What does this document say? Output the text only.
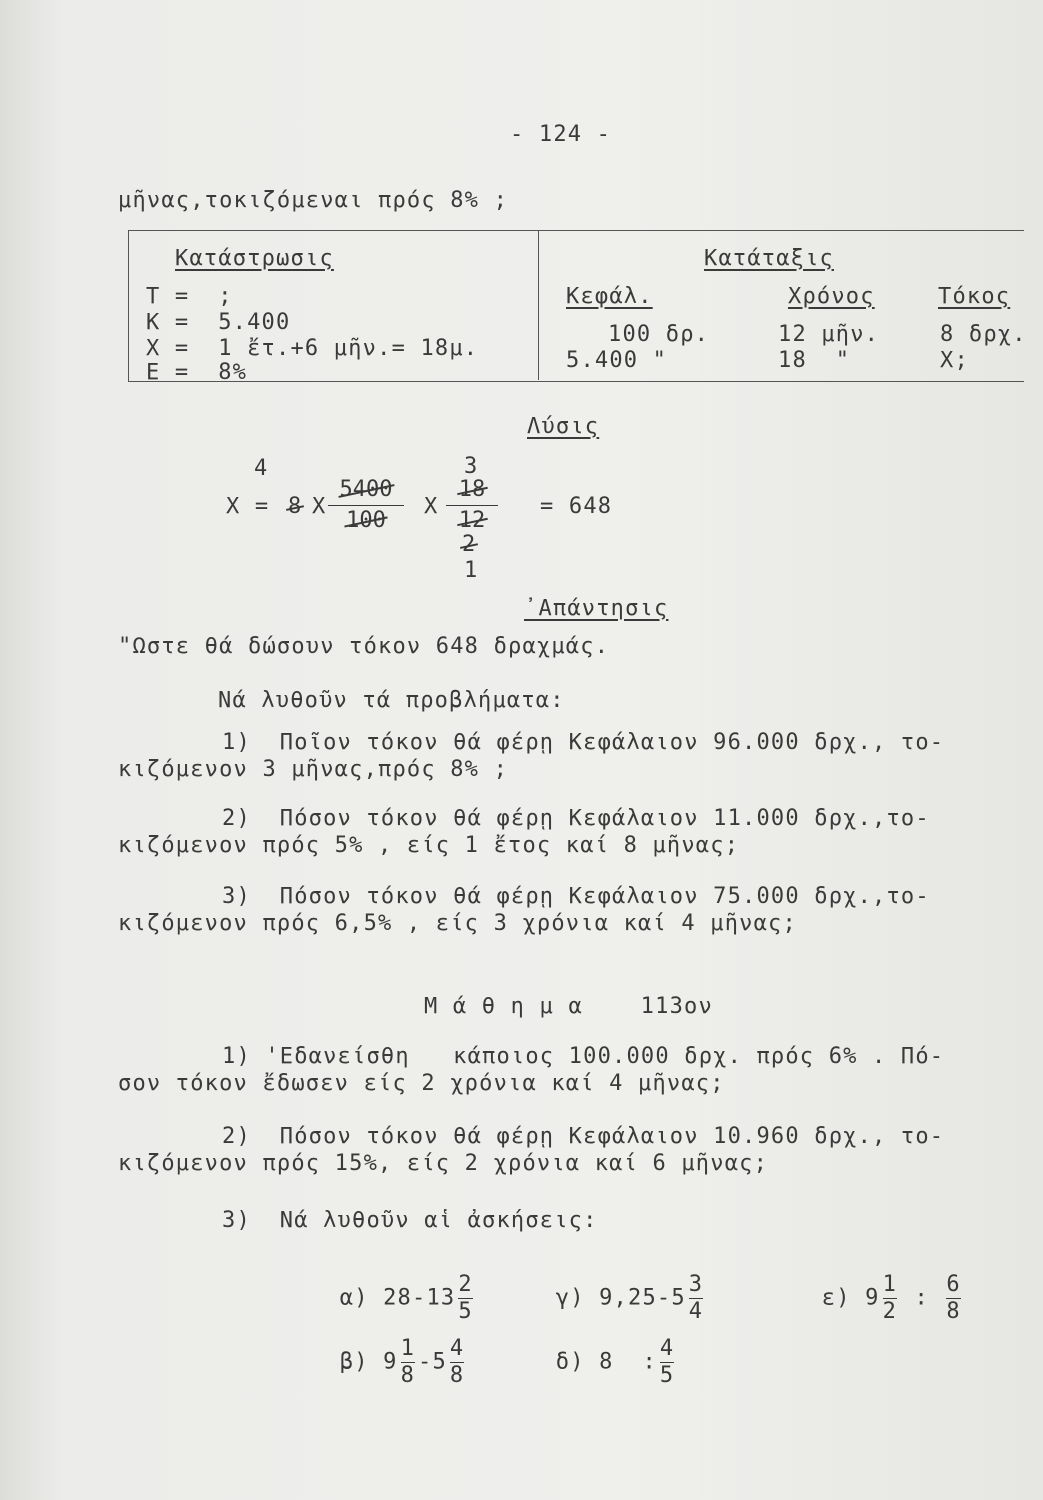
- 124 -
μῆνας,τοκιζόμεναι πρός 8% ;
Κατάστρωσις
Τ =  ;
Κ =  5.400
Χ =  1 ἔτ.+6 μῆν.= 18μ.
Ε =  8%
Κατάταξις
Κεφάλ.	Χρόνος	Τόκος
100 δρ.	12 μῆν.	8 δρχ.
5.400 "	18  "	Χ;
Λύσις
4	3
Χ = 8 Χ
5400
100
Χ
18
12
= 648
2
1
᾿Απάντησις
"Ωστε θά δώσουν τόκον 648 δραχμάς.
Νά λυθοῦν τά προβλήματα:
1)  Ποῖον τόκον θά φέρῃ Κεφάλαιον 96.000 δρχ., το-
κιζόμενον 3 μῆνας,πρός 8% ;
2)  Πόσον τόκον θά φέρῃ Κεφάλαιον 11.000 δρχ.,το-
κιζόμενον πρός 5% , είς 1 ἔτος καί 8 μῆνας;
3)  Πόσον τόκον θά φέρῃ Κεφάλαιον 75.000 δρχ.,το-
κιζόμενον πρός 6,5% , είς 3 χρόνια καί 4 μῆνας;
Μ ά θ η μ α    113ον
1) 'Εδανείσθη   κάποιος 100.000 δρχ. πρός 6% . Πό-
σον τόκον ἔδωσεν είς 2 χρόνια καί 4 μῆνας;
2)  Πόσον τόκον θά φέρῃ Κεφάλαιον 10.960 δρχ., το-
κιζόμενον πρός 15%, είς 2 χρόνια καί 6 μῆνας;
3)  Νά λυθοῦν αἱ ἀσκήσεις:

α) $28-13 \frac{2}{5}$
	γ) $9,25-5 \frac{3}{4}$
	ε) $9 \frac{1}{2}$ : $\frac{6}{8}$

β) $9 \frac{1}{8} -5 \frac{4}{8}$
	δ) 8  : $\frac{4}{5}$
